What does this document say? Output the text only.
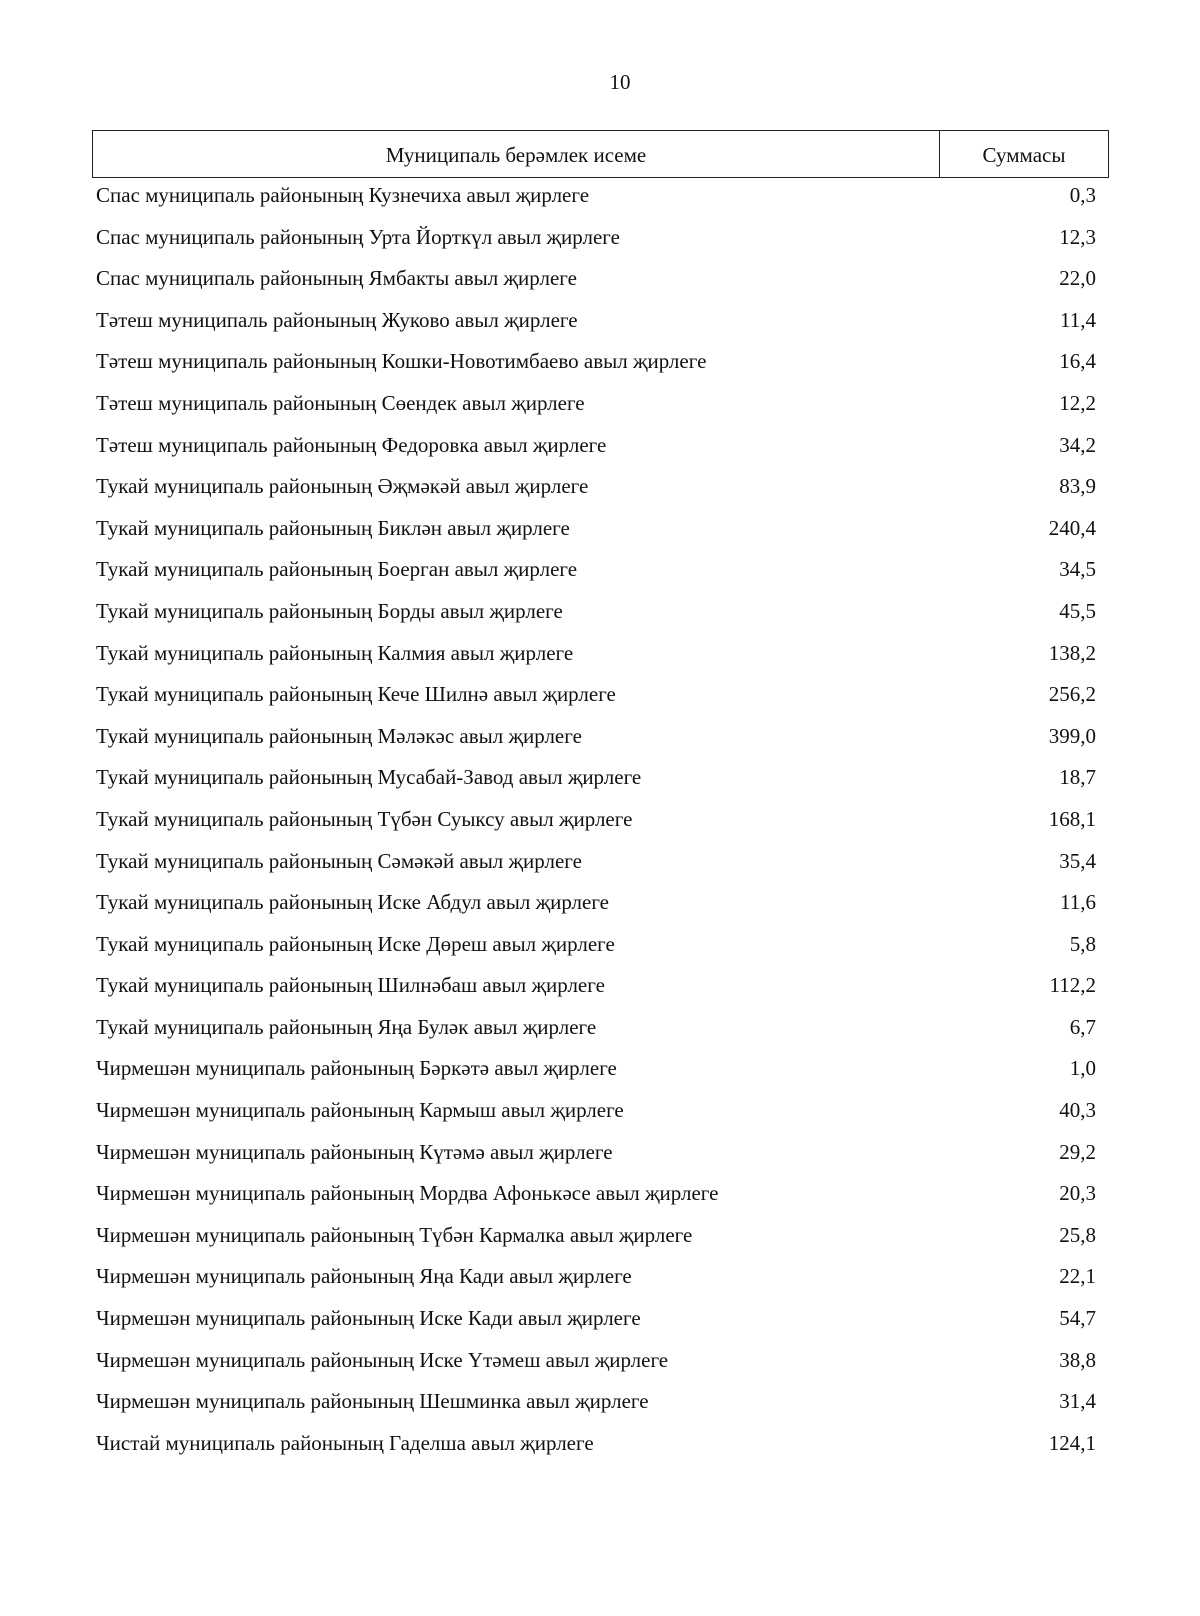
10
Муниципаль берәмлек исеме	Суммасы
Спас муниципаль районының Кузнечиха авыл җирлеге	0,3
Спас муниципаль районының Урта Йорткүл авыл җирлеге	12,3
Спас муниципаль районының Ямбакты авыл җирлеге	22,0
Тәтеш муниципаль районының Жуково авыл җирлеге	11,4
Тәтеш муниципаль районының Кошки-Новотимбаево авыл җирлеге	16,4
Тәтеш муниципаль районының Сөендек авыл җирлеге	12,2
Тәтеш муниципаль районының Федоровка авыл җирлеге	34,2
Тукай муниципаль районының Әҗмәкәй авыл җирлеге	83,9
Тукай муниципаль районының Биклән авыл җирлеге	240,4
Тукай муниципаль районының Боерган авыл җирлеге	34,5
Тукай муниципаль районының Борды авыл җирлеге	45,5
Тукай муниципаль районының Калмия авыл җирлеге	138,2
Тукай муниципаль районының Кече Шилнә авыл җирлеге	256,2
Тукай муниципаль районының Мәләкәс авыл җирлеге	399,0
Тукай муниципаль районының Мусабай-Завод авыл җирлеге	18,7
Тукай муниципаль районының Түбән Суыксу авыл җирлеге	168,1
Тукай муниципаль районының Сәмәкәй авыл җирлеге	35,4
Тукай муниципаль районының Иске Абдул авыл җирлеге	11,6
Тукай муниципаль районының Иске Дөреш авыл җирлеге	5,8
Тукай муниципаль районының Шилнәбаш авыл җирлеге	112,2
Тукай муниципаль районының Яңа Буләк авыл җирлеге	6,7
Чирмешән муниципаль районының Бәркәтә авыл җирлеге	1,0
Чирмешән муниципаль районының Кармыш авыл җирлеге	40,3
Чирмешән муниципаль районының Күтәмә авыл җирлеге	29,2
Чирмешән муниципаль районының Мордва Афонькәсе авыл җирлеге	20,3
Чирмешән муниципаль районының Түбән Кармалка авыл җирлеге	25,8
Чирмешән муниципаль районының Яңа Кади авыл җирлеге	22,1
Чирмешән муниципаль районының Иске Кади авыл җирлеге	54,7
Чирмешән муниципаль районының Иске Үтәмеш авыл җирлеге	38,8
Чирмешән муниципаль районының Шешминка авыл җирлеге	31,4
Чистай муниципаль районының Гаделша авыл җирлеге	124,1
